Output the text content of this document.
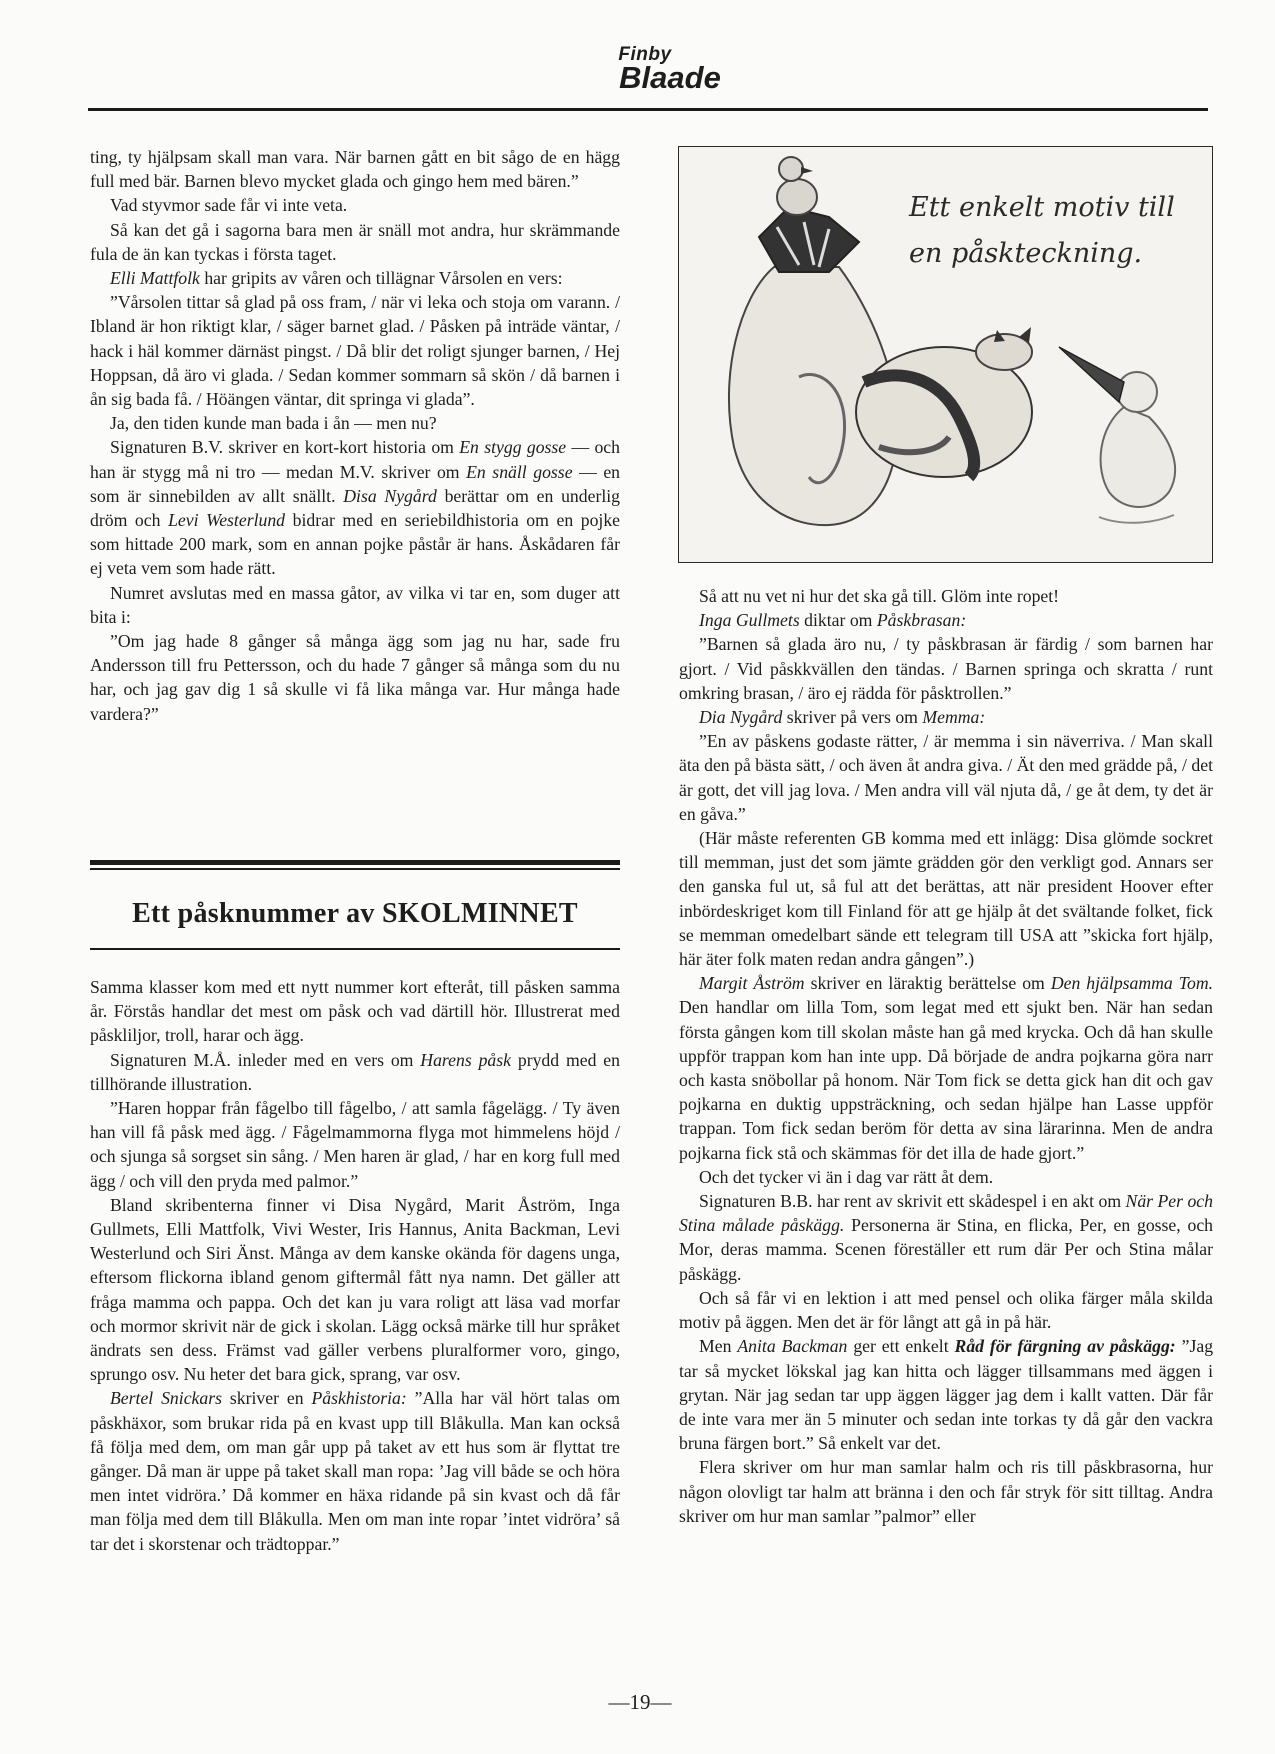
Finby
Blaade

ting, ty hjälpsam skall man vara. När barnen gått en bit sågo de en hägg full med bär. Barnen blevo mycket glada och gingo hem med bären.”

Vad styvmor sade får vi inte veta.

Så kan det gå i sagorna bara men är snäll mot andra, hur skrämmande fula de än kan tyckas i första taget.

Elli Mattfolk har gripits av våren och tillägnar Vårsolen en vers:

”Vårsolen tittar så glad på oss fram, / när vi leka och stoja om varann. / Ibland är hon riktigt klar, / säger barnet glad. / Påsken på inträde väntar, / hack i häl kommer därnäst pingst. / Då blir det roligt sjunger barnen, / Hej Hoppsan, då äro vi glada. / Sedan kommer sommarn så skön / då barnen i ån sig bada få. / Höängen väntar, dit springa vi glada”.

Ja, den tiden kunde man bada i ån — men nu?

Signaturen B.V. skriver en kort-kort historia om En stygg gosse — och han är stygg må ni tro — medan M.V. skriver om En snäll gosse — en som är sinnebilden av allt snällt. Disa Nygård berättar om en underlig dröm och Levi Westerlund bidrar med en seriebildhistoria om en pojke som hittade 200 mark, som en annan pojke påstår är hans. Åskådaren får ej veta vem som hade rätt.

Numret avslutas med en massa gåtor, av vilka vi tar en, som duger att bita i:

”Om jag hade 8 gånger så många ägg som jag nu har, sade fru Andersson till fru Pettersson, och du hade 7 gånger så många som du nu har, och jag gav dig 1 så skulle vi få lika många var. Hur många hade vardera?”

Ett påsknummer av SKOLMINNET

Samma klasser kom med ett nytt nummer kort efteråt, till påsken samma år. Förstås handlar det mest om påsk och vad därtill hör. Illustrerat med påskliljor, troll, harar och ägg.

Signaturen M.Å. inleder med en vers om Harens påsk prydd med en tillhörande illustration.

”Haren hoppar från fågelbo till fågelbo, / att samla fågelägg. / Ty även han vill få påsk med ägg. / Fågelmammorna flyga mot himmelens höjd / och sjunga så sorgset sin sång. / Men haren är glad, / har en korg full med ägg / och vill den pryda med palmor.”

Bland skribenterna finner vi Disa Nygård, Marit Åström, Inga Gullmets, Elli Mattfolk, Vivi Wester, Iris Hannus, Anita Backman, Levi Westerlund och Siri Änst. Många av dem kanske okända för dagens unga, eftersom flickorna ibland genom giftermål fått nya namn. Det gäller att fråga mamma och pappa. Och det kan ju vara roligt att läsa vad morfar och mormor skrivit när de gick i skolan. Lägg också märke till hur språket ändrats sen dess. Främst vad gäller verbens pluralformer voro, gingo, sprungo osv. Nu heter det bara gick, sprang, var osv.

Bertel Snickars skriver en Påskhistoria: ”Alla har väl hört talas om påskhäxor, som brukar rida på en kvast upp till Blåkulla. Man kan också få följa med dem, om man går upp på taket av ett hus som är flyttat tre gånger. Då man är uppe på taket skall man ropa: ’Jag vill både se och höra men intet vidröra.’ Då kommer en häxa ridande på sin kvast och då får man följa med dem till Blåkulla. Men om man inte ropar ’intet vidröra’ så tar det i skorstenar och trädtoppar.”

Ett enkelt motiv till
en påskteckning.

Så att nu vet ni hur det ska gå till. Glöm inte ropet!

Inga Gullmets diktar om Påskbrasan:

”Barnen så glada äro nu, / ty påskbrasan är färdig / som barnen har gjort. / Vid påskkvällen den tändas. / Barnen springa och skratta / runt omkring brasan, / äro ej rädda för påsktrollen.”

Dia Nygård skriver på vers om Memma:

”En av påskens godaste rätter, / är memma i sin näverriva. / Man skall äta den på bästa sätt, / och även åt andra giva. / Ät den med grädde på, / det är gott, det vill jag lova. / Men andra vill väl njuta då, / ge åt dem, ty det är en gåva.”

(Här måste referenten GB komma med ett inlägg: Disa glömde sockret till memman, just det som jämte grädden gör den verkligt god. Annars ser den ganska ful ut, så ful att det berättas, att när president Hoover efter inbördeskriget kom till Finland för att ge hjälp åt det svältande folket, fick se memman omedelbart sände ett telegram till USA att ”skicka fort hjälp, här äter folk maten redan andra gången”.)

Margit Åström skriver en läraktig berättelse om Den hjälpsamma Tom. Den handlar om lilla Tom, som legat med ett sjukt ben. När han sedan första gången kom till skolan måste han gå med krycka. Och då han skulle uppför trappan kom han inte upp. Då började de andra pojkarna göra narr och kasta snöbollar på honom. När Tom fick se detta gick han dit och gav pojkarna en duktig uppsträckning, och sedan hjälpe han Lasse uppför trappan. Tom fick sedan beröm för detta av sina lärarinna. Men de andra pojkarna fick stå och skämmas för det illa de hade gjort.”

Och det tycker vi än i dag var rätt åt dem.

Signaturen B.B. har rent av skrivit ett skådespel i en akt om När Per och Stina målade påskägg. Personerna är Stina, en flicka, Per, en gosse, och Mor, deras mamma. Scenen föreställer ett rum där Per och Stina målar påskägg.

Och så får vi en lektion i att med pensel och olika färger måla skilda motiv på äggen. Men det är för långt att gå in på här.

Men Anita Backman ger ett enkelt Råd för färgning av påskägg: ”Jag tar så mycket lökskal jag kan hitta och lägger tillsammans med äggen i grytan. När jag sedan tar upp äggen lägger jag dem i kallt vatten. Där får de inte vara mer än 5 minuter och sedan inte torkas ty då går den vackra bruna färgen bort.” Så enkelt var det.

Flera skriver om hur man samlar halm och ris till påskbrasorna, hur någon olovligt tar halm att bränna i den och får stryk för sitt tilltag. Andra skriver om hur man samlar ”palmor” eller

—19—
